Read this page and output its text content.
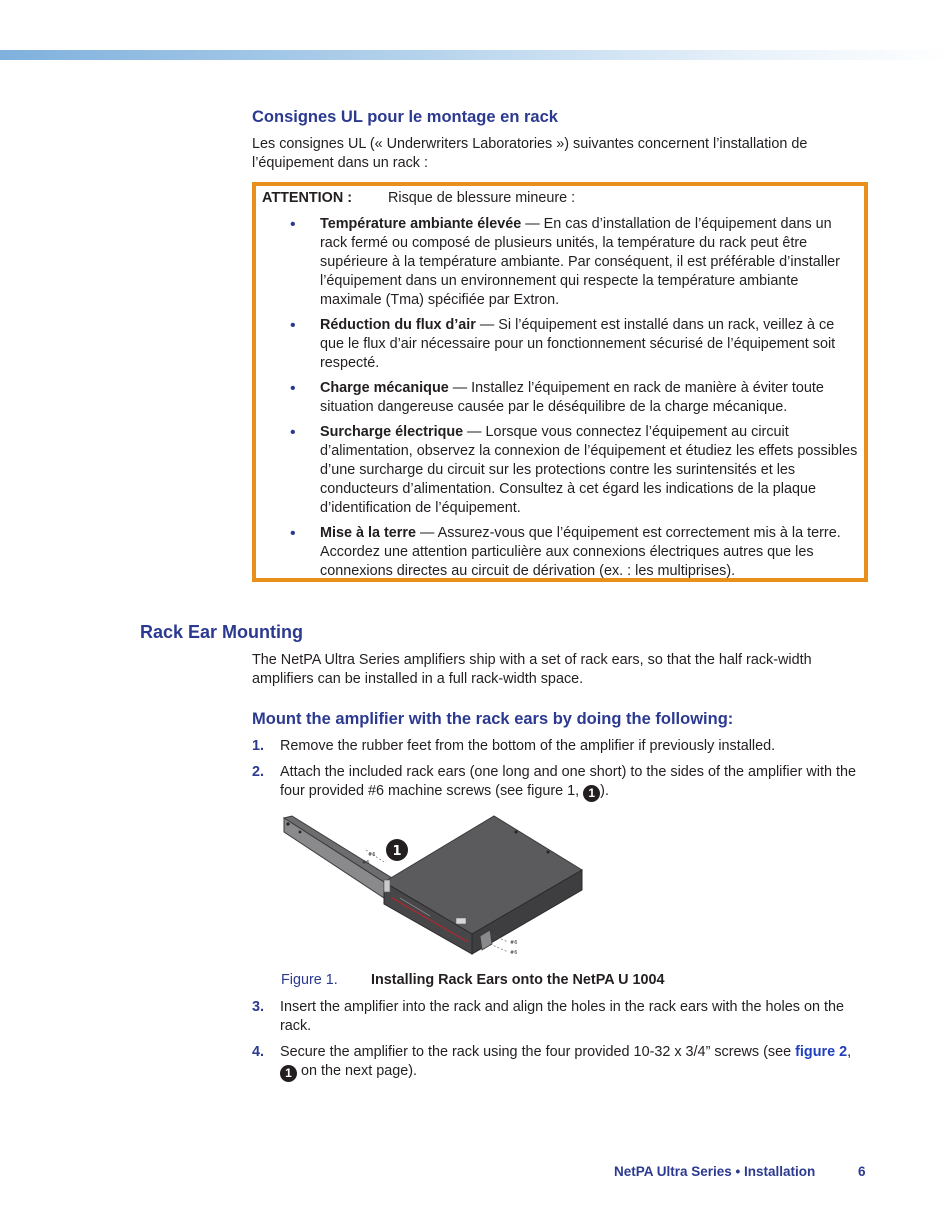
Consignes UL pour le montage en rack
Les consignes UL (« Underwriters Laboratories ») suivantes concernent l’installation de
l’équipement dans un rack :
ATTENTION : Risque de blessure mineure :
• Température ambiante élevée — En cas d’installation de l’équipement dans un rack fermé ou composé de plusieurs unités, la température du rack peut être supérieure à la température ambiante. Par conséquent, il est préférable d’installer l’équipement dans un environnement qui respecte la température ambiante maximale (Tma) spécifiée par Extron.
• Réduction du flux d’air — Si l’équipement est installé dans un rack, veillez à ce que le flux d’air nécessaire pour un fonctionnement sécurisé de l’équipement soit respecté.
• Charge mécanique — Installez l’équipement en rack de manière à éviter toute situation dangereuse causée par le déséquilibre de la charge mécanique.
• Surcharge électrique — Lorsque vous connectez l’équipement au circuit d’alimentation, observez la connexion de l’équipement et étudiez les effets possibles d’une surcharge du circuit sur les protections contre les surintensités et les conducteurs d’alimentation. Consultez à cet égard les indications de la plaque d’identification de l’équipement.
• Mise à la terre — Assurez-vous que l’équipement est correctement mis à la terre. Accordez une attention particulière aux connexions électriques autres que les connexions directes au circuit de dérivation (ex. : les multiprises).
Rack Ear Mounting
The NetPA Ultra Series amplifiers ship with a set of rack ears, so that the half rack-width amplifiers can be installed in a full rack-width space.
Mount the amplifier with the rack ears by doing the following:
1. Remove the rubber feet from the bottom of the amplifier if previously installed.
2. Attach the included rack ears (one long and one short) to the sides of the amplifier with the four provided #6 machine screws (see figure 1, 1 ).
#6
#6
#6
#6
1
Figure 1. Installing Rack Ears onto the NetPA U 1004
3. Insert the amplifier into the rack and align the holes in the rack ears with the holes on the rack.
4. Secure the amplifier to the rack using the four provided 10-32 x 3/4” screws (see figure 2, 1 on the next page).
NetPA Ultra Series • Installation	6
